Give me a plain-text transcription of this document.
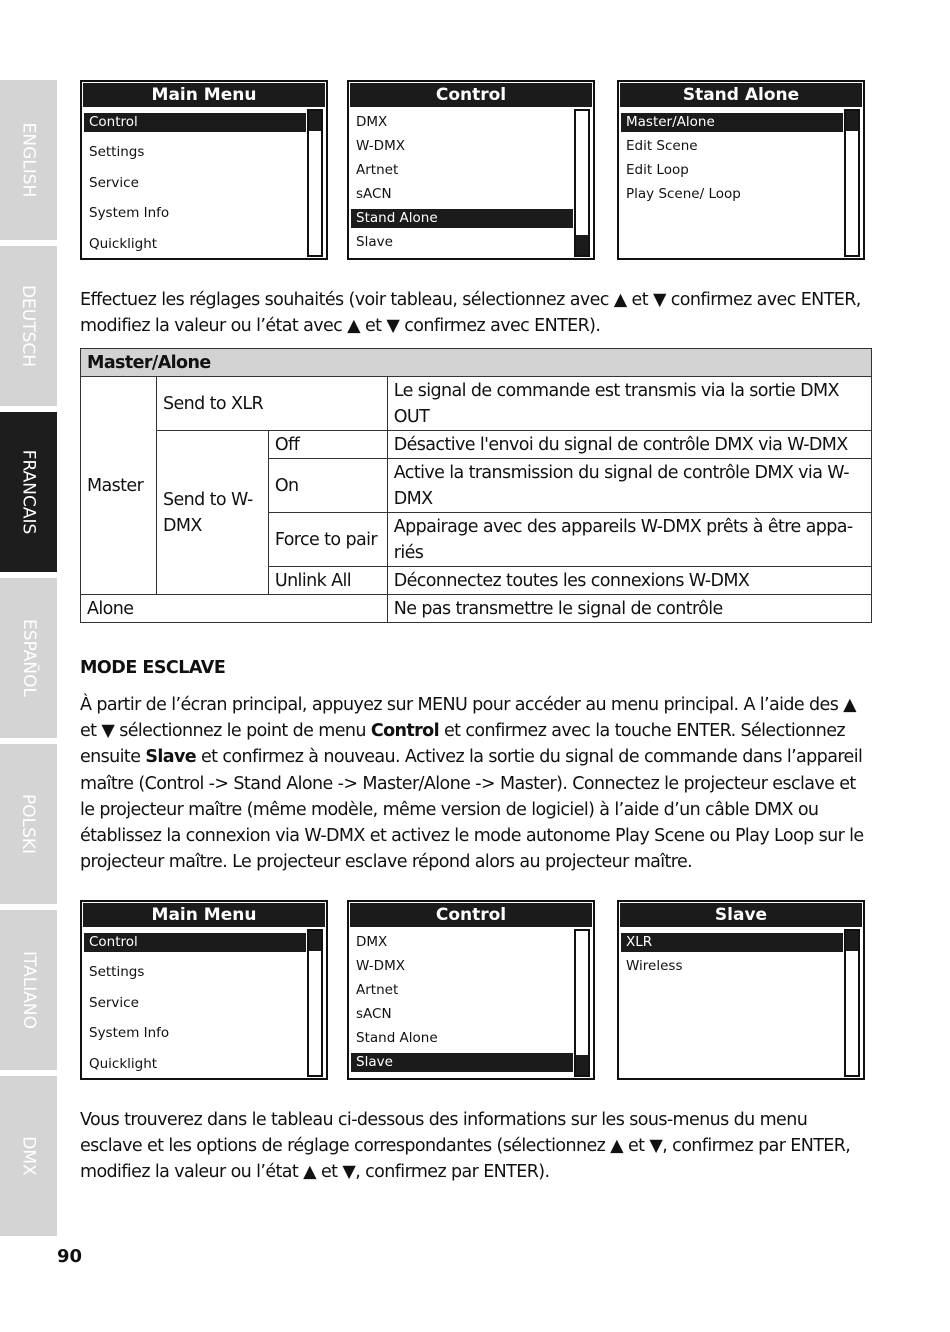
ENGLISH
DEUTSCH
FRANCAIS
ESPAÑOL
POLSKI
ITALIANO
DMX
Main Menu
Control
Settings
Service
System Info
Quicklight
Control
DMX
W-DMX
Artnet
sACN
Stand Alone
Slave
Stand Alone
Master/Alone
Edit Scene
Edit Loop
Play Scene/ Loop

Effectuez les réglages souhaités (voir tableau, sélectionnez avec ▲ et ▼ confirmez avec ENTER, modifiez la valeur ou l’état avec ▲ et ▼ confirmez avec ENTER).

Master/Alone			
Master	Send to XLR		Le signal de commande est transmis via la sortie DMX OUT
	Send to W-DMX	Off	Désactive l'envoi du signal de contrôle DMX via W-DMX
		On	Active la transmission du signal de contrôle DMX via W-DMX
		Force to pair	Appairage avec des appareils W-DMX prêts à être appa-riés
		Unlink All	Déconnectez toutes les connexions W-DMX
Alone			Ne pas transmettre le signal de contrôle
MODE ESCLAVE

À partir de l’écran principal, appuyez sur MENU pour accéder au menu principal. A l’aide des ▲ et ▼ sélectionnez le point de menu Control et confirmez avec la touche ENTER. Sélectionnez ensuite Slave et confirmez à nouveau. Activez la sortie du signal de commande dans l’appareil maître (Control -> Stand Alone -> Master/Alone -> Master). Connectez le projecteur esclave et le projecteur maître (même modèle, même version de logiciel) à l’aide d’un câble DMX ou établissez la connexion via W-DMX et activez le mode autonome Play Scene ou Play Loop sur le projecteur maître. Le projecteur esclave répond alors au projecteur maître.

Main Menu
Control
Settings
Service
System Info
Quicklight
Control
DMX
W-DMX
Artnet
sACN
Stand Alone
Slave
Slave
XLR
Wireless

Vous trouverez dans le tableau ci-dessous des informations sur les sous-menus du menu esclave et les options de réglage correspondantes (sélectionnez ▲ et ▼, confirmez par ENTER, modifiez la valeur ou l’état ▲ et ▼, confirmez par ENTER).

90
